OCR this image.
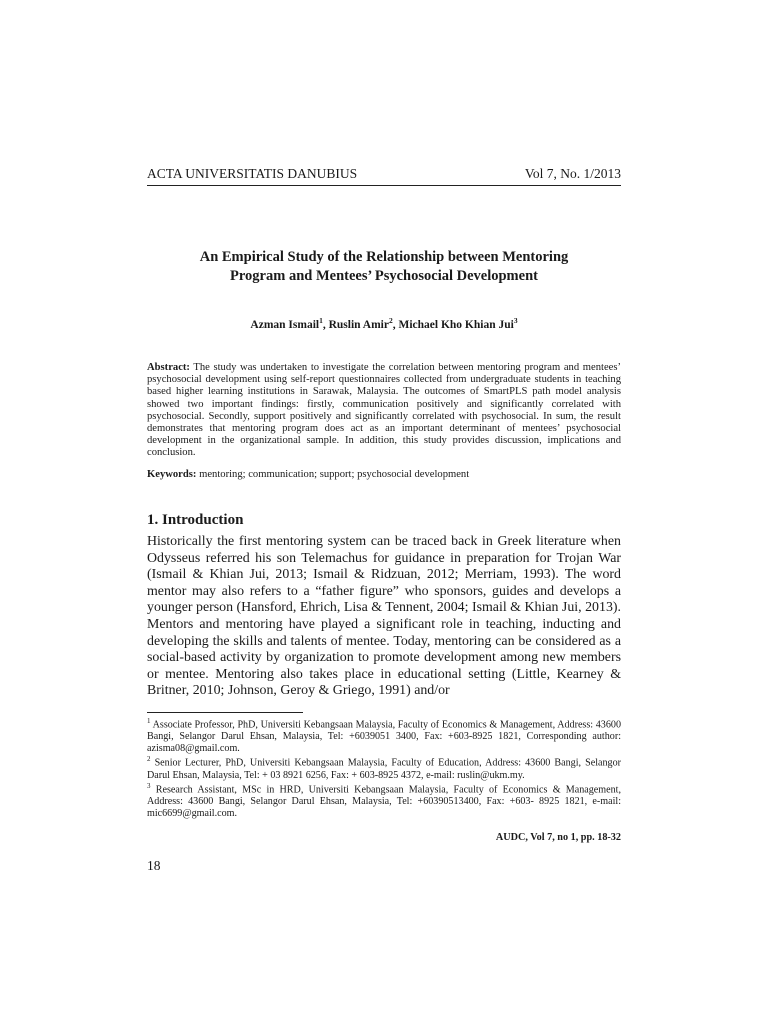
ACTA UNIVERSITATIS DANUBIUS	Vol 7, No. 1/2013
An Empirical Study of the Relationship between Mentoring
Program and Mentees’ Psychosocial Development
Azman Ismail$^1$, Ruslin Amir$^2$, Michael Kho Khian Jui$^3$
Abstract: The study was undertaken to investigate the correlation between mentoring program and mentees’ psychosocial development using self-report questionnaires collected from undergraduate students in teaching based higher learning institutions in Sarawak, Malaysia. The outcomes of SmartPLS path model analysis showed two important findings: firstly, communication positively and significantly correlated with psychosocial. Secondly, support positively and significantly correlated with psychosocial. In sum, the result demonstrates that mentoring program does act as an important determinant of mentees’ psychosocial development in the organizational sample. In addition, this study provides discussion, implications and conclusion.
Keywords: mentoring; communication; support; psychosocial development
1. Introduction
Historically the first mentoring system can be traced back in Greek literature when Odysseus referred his son Telemachus for guidance in preparation for Trojan War (Ismail & Khian Jui, 2013; Ismail & Ridzuan, 2012; Merriam, 1993). The word mentor may also refers to a “father figure” who sponsors, guides and develops a younger person (Hansford, Ehrich, Lisa & Tennent, 2004; Ismail & Khian Jui, 2013). Mentors and mentoring have played a significant role in teaching, inducting and developing the skills and talents of mentee. Today, mentoring can be considered as a social-based activity by organization to promote development among new members or mentee. Mentoring also takes place in educational setting (Little, Kearney & Britner, 2010; Johnson, Geroy & Griego, 1991) and/or

$^1$ Associate Professor, PhD, Universiti Kebangsaan Malaysia, Faculty of Economics & Management, Address: 43600 Bangi, Selangor Darul Ehsan, Malaysia, Tel: +6039051 3400, Fax: +603-8925 1821, Corresponding author: azisma08@gmail.com.

$^2$ Senior Lecturer, PhD, Universiti Kebangsaan Malaysia, Faculty of Education, Address: 43600 Bangi, Selangor Darul Ehsan, Malaysia, Tel: + 03 8921 6256, Fax: + 603-8925 4372, e-mail: ruslin@ukm.my.

$^3$ Research Assistant, MSc in HRD, Universiti Kebangsaan Malaysia, Faculty of Economics & Management, Address: 43600 Bangi, Selangor Darul Ehsan, Malaysia, Tel: +60390513400, Fax: +603- 8925 1821, e-mail: mic6699@gmail.com.

AUDC, Vol 7, no 1, pp. 18-32
18
